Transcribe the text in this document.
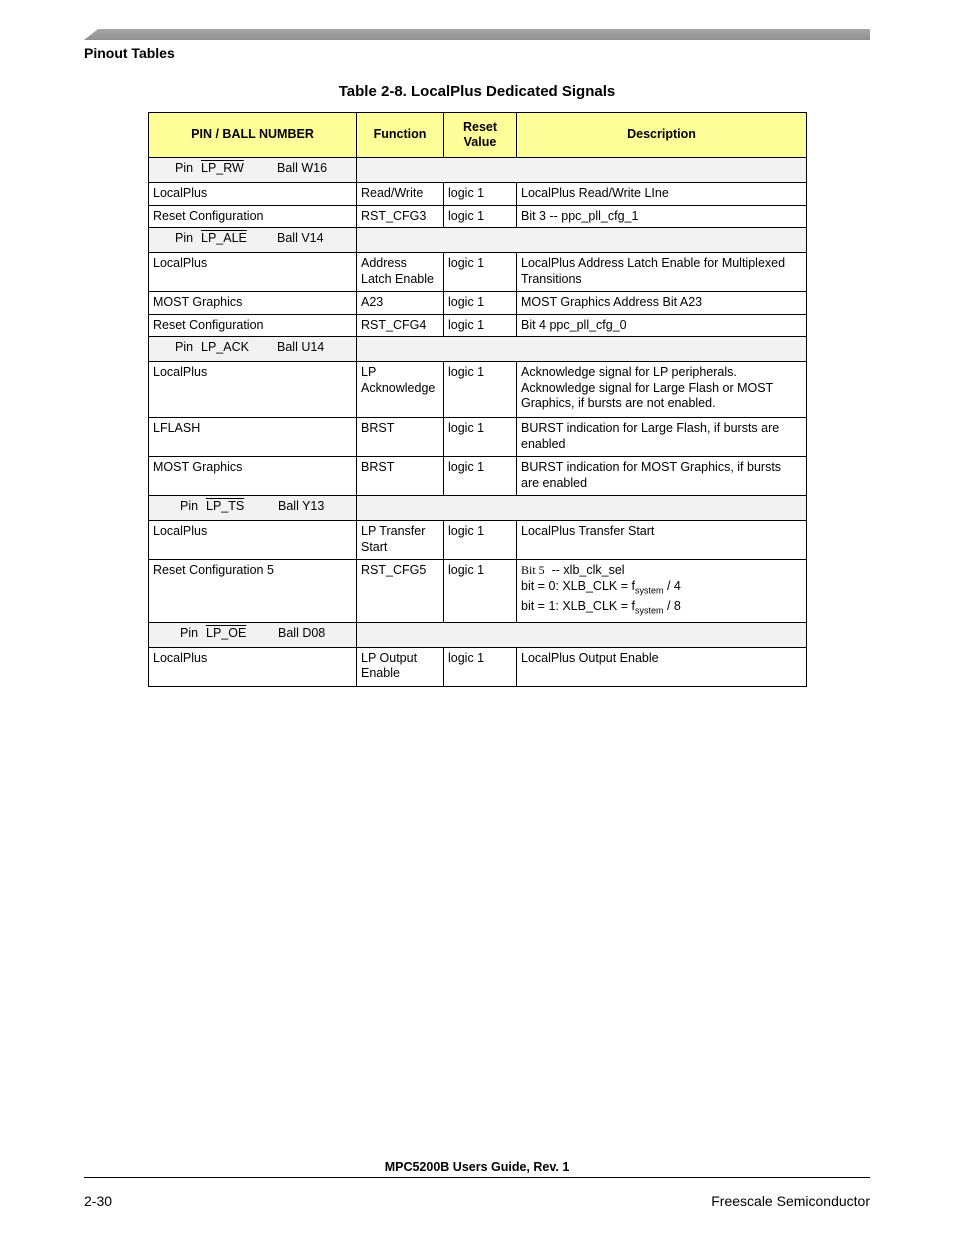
Pinout Tables
Table 2-8. LocalPlus Dedicated Signals
PIN / BALL NUMBER	Function	Reset Value	Description
Pin LP_RW Ball W16			
LocalPlus	Read/Write	logic 1	LocalPlus Read/Write LIne
Reset Configuration	RST_CFG3	logic 1	Bit 3 -- ppc_pll_cfg_1
Pin LP_ALE Ball V14			
LocalPlus	Address Latch Enable	logic 1	LocalPlus Address Latch Enable for Multiplexed Transitions
MOST Graphics	A23	logic 1	MOST Graphics Address Bit A23
Reset Configuration	RST_CFG4	logic 1	Bit 4 ppc_pll_cfg_0
Pin LP_ACK Ball U14			
LocalPlus	LP Acknowledge	logic 1	Acknowledge signal for LP peripherals. Acknowledge signal for Large Flash or MOST Graphics, if bursts are not enabled.
LFLASH	BRST	logic 1	BURST indication for Large Flash, if bursts are enabled
MOST Graphics	BRST	logic 1	BURST indication for MOST Graphics, if bursts are enabled
Pin LP_TS Ball Y13			
LocalPlus	LP Transfer Start	logic 1	LocalPlus Transfer Start
Reset Configuration 5	RST_CFG5	logic 1	Bit 5 -- xlb_clk_sel
bit = 0: XLB_CLK = $f_{system} / 4$
bit = 1: XLB_CLK = $f_{system} / 8$

Pin LP_OE Ball D08			
LocalPlus	LP Output Enable	logic 1	LocalPlus Output Enable
MPC5200B Users Guide, Rev. 1
2-30	Freescale Semiconductor
